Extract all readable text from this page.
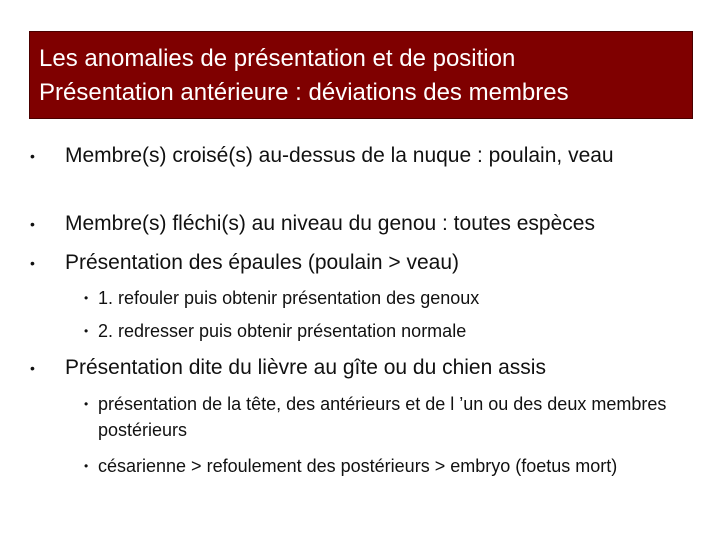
Les anomalies de présentation et de position
Présentation antérieure : déviations des membres
• Membre(s) croisé(s) au-dessus de la nuque : poulain, veau
• Membre(s) fléchi(s) au niveau du genou : toutes espèces
• Présentation des épaules (poulain > veau)
• 1. refouler puis obtenir présentation des genoux
• 2. redresser puis obtenir présentation normale
• Présentation dite du lièvre au gîte ou du chien assis
• présentation de la tête, des antérieurs et de l ’un ou des deux membres postérieurs
• césarienne > refoulement des postérieurs > embryo (foetus mort)
